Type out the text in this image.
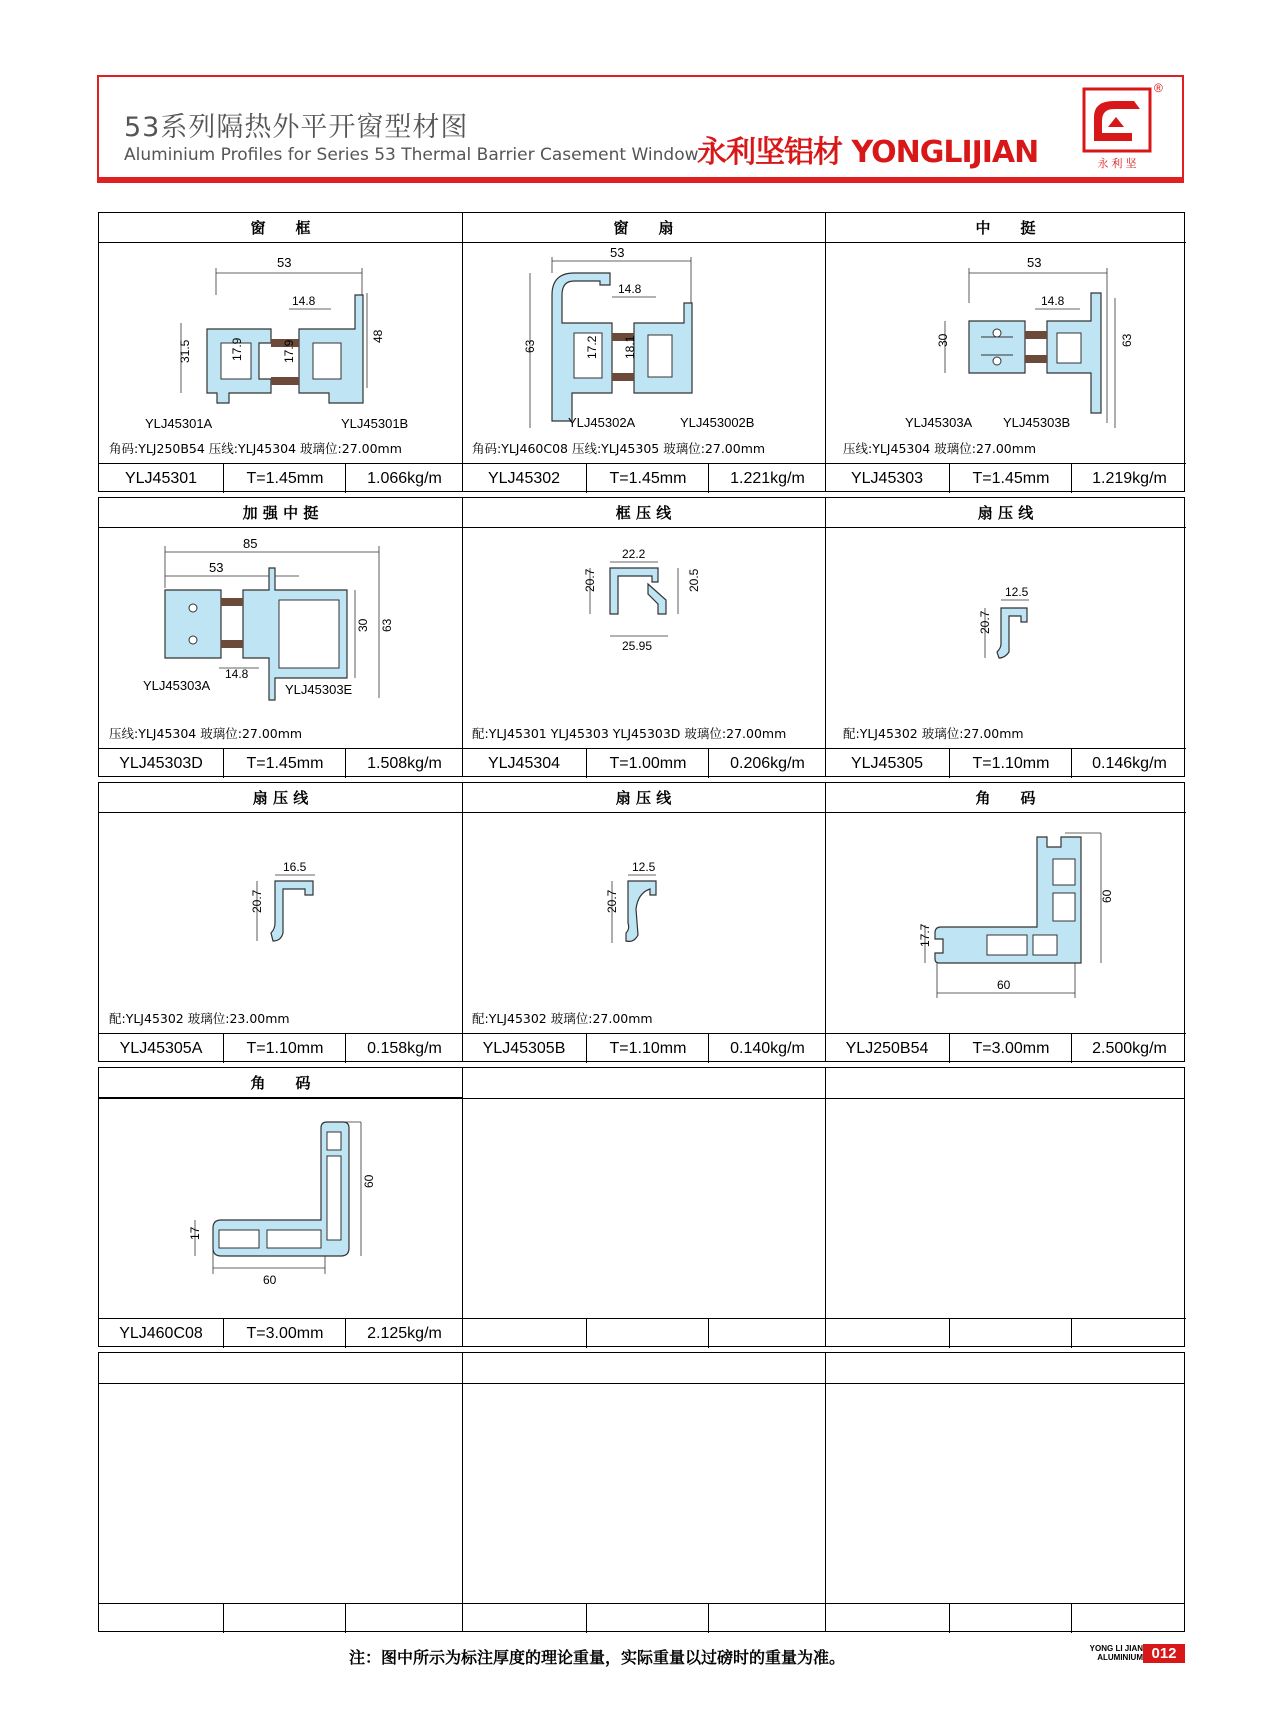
53系列隔热外平开窗型材图
Aluminium Profiles for Series 53 Thermal Barrier Casement Window
永利坚铝材 YONGLIJIAN	永 利 坚
®
窗　　框
53
14.8
31.5	17.9	17.9
48
YLJ45301A	YLJ45301B
角码:YLJ250B54 压线:YLJ45304 玻璃位:27.00mm
YLJ45301	T=1.45mm	1.066kg/m
窗　　扇
53
14.8
63	17.2 18.1
YLJ45302A	YLJ453002B
角码:YLJ460C08 压线:YLJ45305 玻璃位:27.00mm
YLJ45302	T=1.45mm	1.221kg/m
中　　挺
53
14.8
30	63
YLJ45303A YLJ45303B
压线:YLJ45304 玻璃位:27.00mm
YLJ45303	T=1.45mm	1.219kg/m
加 强 中 挺
85
53
14.8
30 63
YLJ45303A	YLJ45303E
压线:YLJ45304 玻璃位:27.00mm
YLJ45303D	T=1.45mm	1.508kg/m
框 压 线
22.2
20.7	20.5
25.95
配:YLJ45301 YLJ45303 YLJ45303D 玻璃位:27.00mm
YLJ45304	T=1.00mm	0.206kg/m
扇 压 线
12.5
20.7
配:YLJ45302 玻璃位:27.00mm
YLJ45305	T=1.10mm	0.146kg/m
扇 压 线
16.5
20.7
配:YLJ45302 玻璃位:23.00mm
YLJ45305A	T=1.10mm	0.158kg/m
扇 压 线
12.5
20.7
配:YLJ45302 玻璃位:27.00mm
YLJ45305B	T=1.10mm	0.140kg/m
角　　码
60
17.7
60
YLJ250B54	T=3.00mm	2.500kg/m
角　　码
60
17
60
YLJ460C08	T=3.00mm	2.125kg/m
注：图中所示为标注厚度的理论重量，实际重量以过磅时的重量为准。	YONG LI JIAN
ALUMINIUM 012
